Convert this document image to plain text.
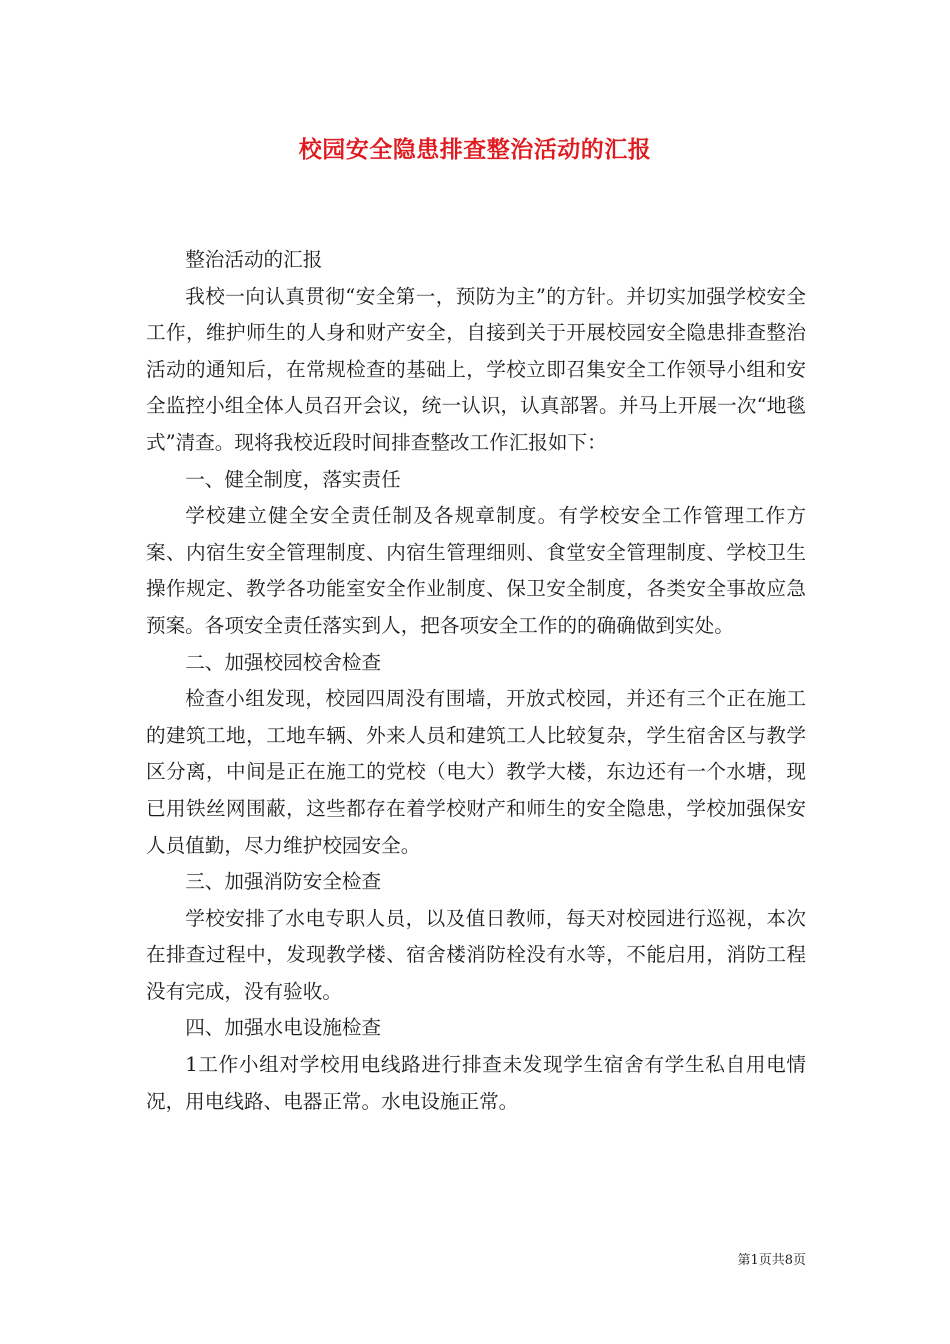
校园安全隐患排查整治活动的汇报

整治活动的汇报

我校一向认真贯彻“安全第一，预防为主”的方针。并切实加强学校安全工作，维护师生的人身和财产安全，自接到关于开展校园安全隐患排查整治活动的通知后，在常规检查的基础上，学校立即召集安全工作领导小组和安全监控小组全体人员召开会议，统一认识，认真部署。并马上开展一次“地毯式”清查。现将我校近段时间排查整改工作汇报如下：

一、健全制度，落实责任

学校建立健全安全责任制及各规章制度。有学校安全工作管理工作方案、内宿生安全管理制度、内宿生管理细则、食堂安全管理制度、学校卫生操作规定、教学各功能室安全作业制度、保卫安全制度，各类安全事故应急预案。各项安全责任落实到人，把各项安全工作的的确确做到实处。

二、加强校园校舍检查

检查小组发现，校园四周没有围墙，开放式校园，并还有三个正在施工的建筑工地，工地车辆、外来人员和建筑工人比较复杂，学生宿舍区与教学区分离，中间是正在施工的党校（电大）教学大楼，东边还有一个水塘，现已用铁丝网围蔽，这些都存在着学校财产和师生的安全隐患，学校加强保安人员值勤，尽力维护校园安全。

三、加强消防安全检查

学校安排了水电专职人员，以及值日教师，每天对校园进行巡视，本次在排查过程中，发现教学楼、宿舍楼消防栓没有水等，不能启用，消防工程没有完成，没有验收。

四、加强水电设施检查

1工作小组对学校用电线路进行排查未发现学生宿舍有学生私自用电情况，用电线路、电器正常。水电设施正常。

第1页共8页
